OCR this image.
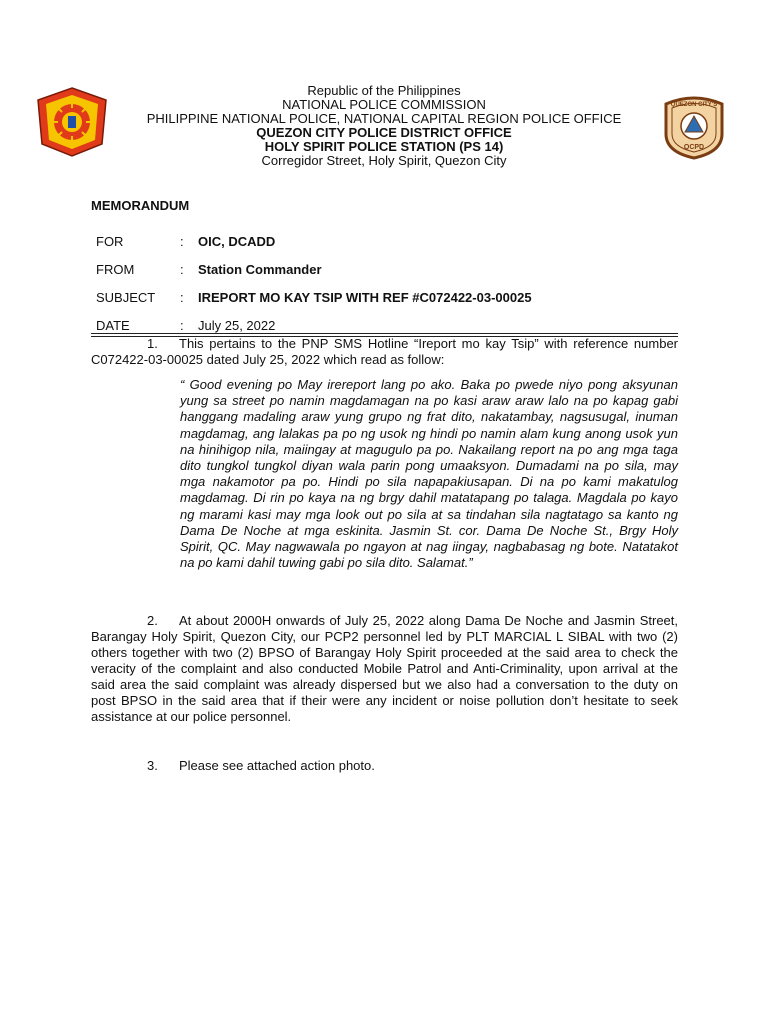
QUEZON CITY'S
QCPD
Republic of the Philippines
NATIONAL POLICE COMMISSION
PHILIPPINE NATIONAL POLICE, NATIONAL CAPITAL REGION POLICE OFFICE
QUEZON CITY POLICE DISTRICT OFFICE
HOLY SPIRIT POLICE STATION (PS 14)
Corregidor Street, Holy Spirit, Quezon City
MEMORANDUM
FOR	: OIC, DCADD
FROM	: Station Commander
SUBJECT	: IREPORT MO KAY TSIP WITH REF #C072422-03-00025
DATE	: July 25, 2022
1. This pertains to the PNP SMS Hotline “Ireport mo kay Tsip” with reference number C072422-03-00025 dated July 25, 2022 which read as follow:
“ Good evening po May irereport lang po ako. Baka po pwede niyo pong aksyunan yung sa street po namin magdamagan na po kasi araw araw lalo na po kapag gabi hanggang madaling araw yung grupo ng frat dito, nakatambay, nagsusugal, inuman magdamag, ang lalakas pa po ng usok ng hindi po namin alam kung anong usok yun na hinihigop nila, maiingay at magugulo pa po. Nakailang report na po ang mga taga dito tungkol tungkol diyan wala parin pong umaaksyon. Dumadami na po sila, may mga nakamotor pa po. Hindi po sila napapakiusapan. Di na po kami makatulog magdamag. Di rin po kaya na ng brgy dahil matatapang po talaga. Magdala po kayo ng marami kasi may mga look out po sila at sa tindahan sila nagtatago sa kanto ng Dama De Noche at mga eskinita. Jasmin St. cor. Dama De Noche St., Brgy Holy Spirit, QC. May nagwawala po ngayon at nag iingay, nagbabasag ng bote. Natatakot na po kami dahil tuwing gabi po sila dito. Salamat.”
2. At about 2000H onwards of July 25, 2022 along Dama De Noche and Jasmin Street, Barangay Holy Spirit, Quezon City, our PCP2 personnel led by PLT MARCIAL L SIBAL with two (2) others together with two (2) BPSO of Barangay Holy Spirit proceeded at the said area to check the veracity of the complaint and also conducted Mobile Patrol and Anti-Criminality, upon arrival at the said area the said complaint was already dispersed but we also had a conversation to the duty on post BPSO in the said area that if their were any incident or noise pollution don’t hesitate to seek assistance at our police personnel.
3. Please see attached action photo.
